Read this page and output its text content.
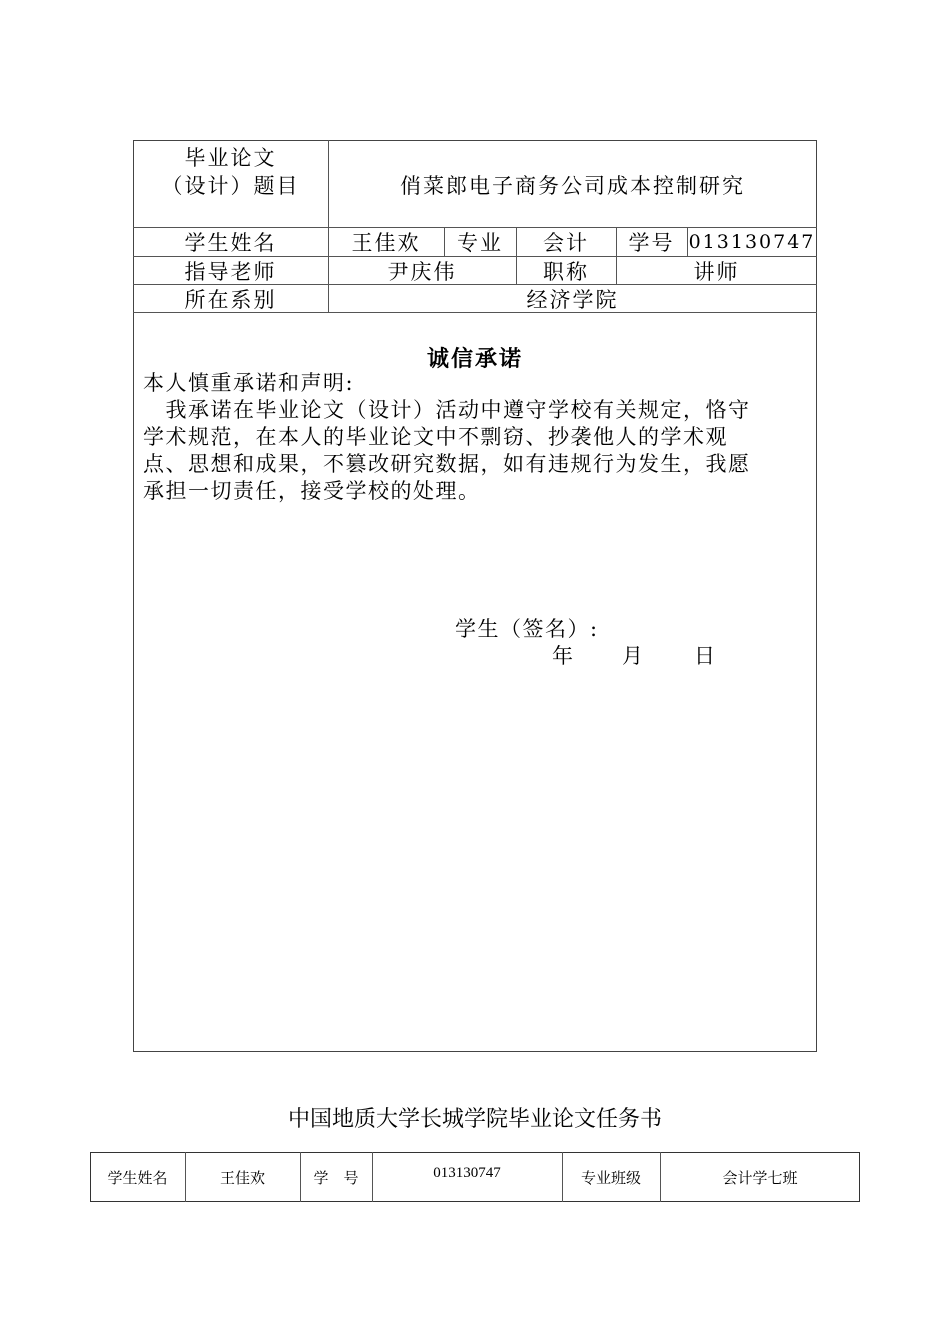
毕业论文
（设计）题目	俏菜郎电子商务公司成本控制研究
学生姓名	王佳欢	专业	会计	学号 013130747
指导老师	尹庆伟	职称	讲师
所在系别	经济学院
诚信承诺
本人慎重承诺和声明:
　我承诺在毕业论文（设计）活动中遵守学校有关规定，恪守
学术规范，在本人的毕业论文中不剽窃、抄袭他人的学术观
点、思想和成果，不篡改研究数据，如有违规行为发生，我愿
承担一切责任，接受学校的处理。
学生（签名）:
年	月	日
中国地质大学长城学院毕业论文任务书
学生姓名	王佳欢	学　号	013130747	专业班级	会计学七班
